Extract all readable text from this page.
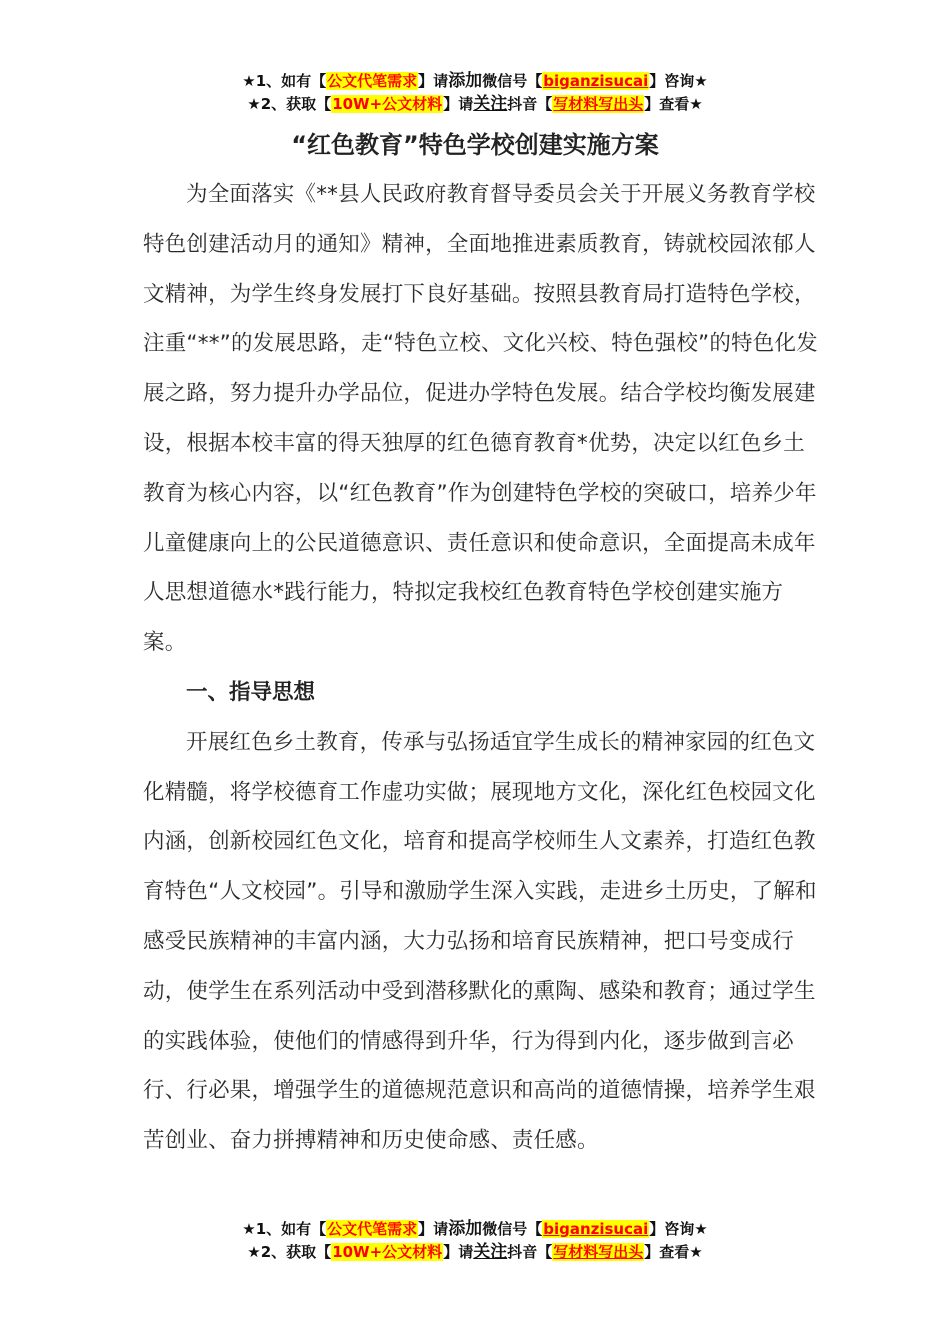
★1、如有【公文代笔需求】请添加微信号【biganzisucai】咨询★
★2、获取【10W+公文材料】请关注抖音【写材料写出头】查看★
“红色教育”特色学校创建实施方案

为全面落实《**县人民政府教育督导委员会关于开展义务教育学校特色创建活动月的通知》精神，全面地推进素质教育，铸就校园浓郁人文精神，为学生终身发展打下良好基础。按照县教育局打造特色学校，注重“**”的发展思路，走“特色立校、文化兴校、特色强校”的特色化发展之路，努力提升办学品位，促进办学特色发展。结合学校均衡发展建设，根据本校丰富的得天独厚的红色德育教育*优势，决定以红色乡土教育为核心内容，以“红色教育”作为创建特色学校的突破口，培养少年儿童健康向上的公民道德意识、责任意识和使命意识，全面提高未成年人思想道德水*践行能力，特拟定我校红色教育特色学校创建实施方案。

一、指导思想

开展红色乡土教育，传承与弘扬适宜学生成长的精神家园的红色文化精髓，将学校德育工作虚功实做；展现地方文化，深化红色校园文化内涵，创新校园红色文化，培育和提高学校师生人文素养，打造红色教育特色“人文校园”。引导和激励学生深入实践，走进乡土历史，了解和感受民族精神的丰富内涵，大力弘扬和培育民族精神，把口号变成行动，使学生在系列活动中受到潜移默化的熏陶、感染和教育；通过学生的实践体验，使他们的情感得到升华，行为得到内化，逐步做到言必行、行必果，增强学生的道德规范意识和高尚的道德情操，培养学生艰苦创业、奋力拼搏精神和历史使命感、责任感。

★1、如有【公文代笔需求】请添加微信号【biganzisucai】咨询★
★2、获取【10W+公文材料】请关注抖音【写材料写出头】查看★
